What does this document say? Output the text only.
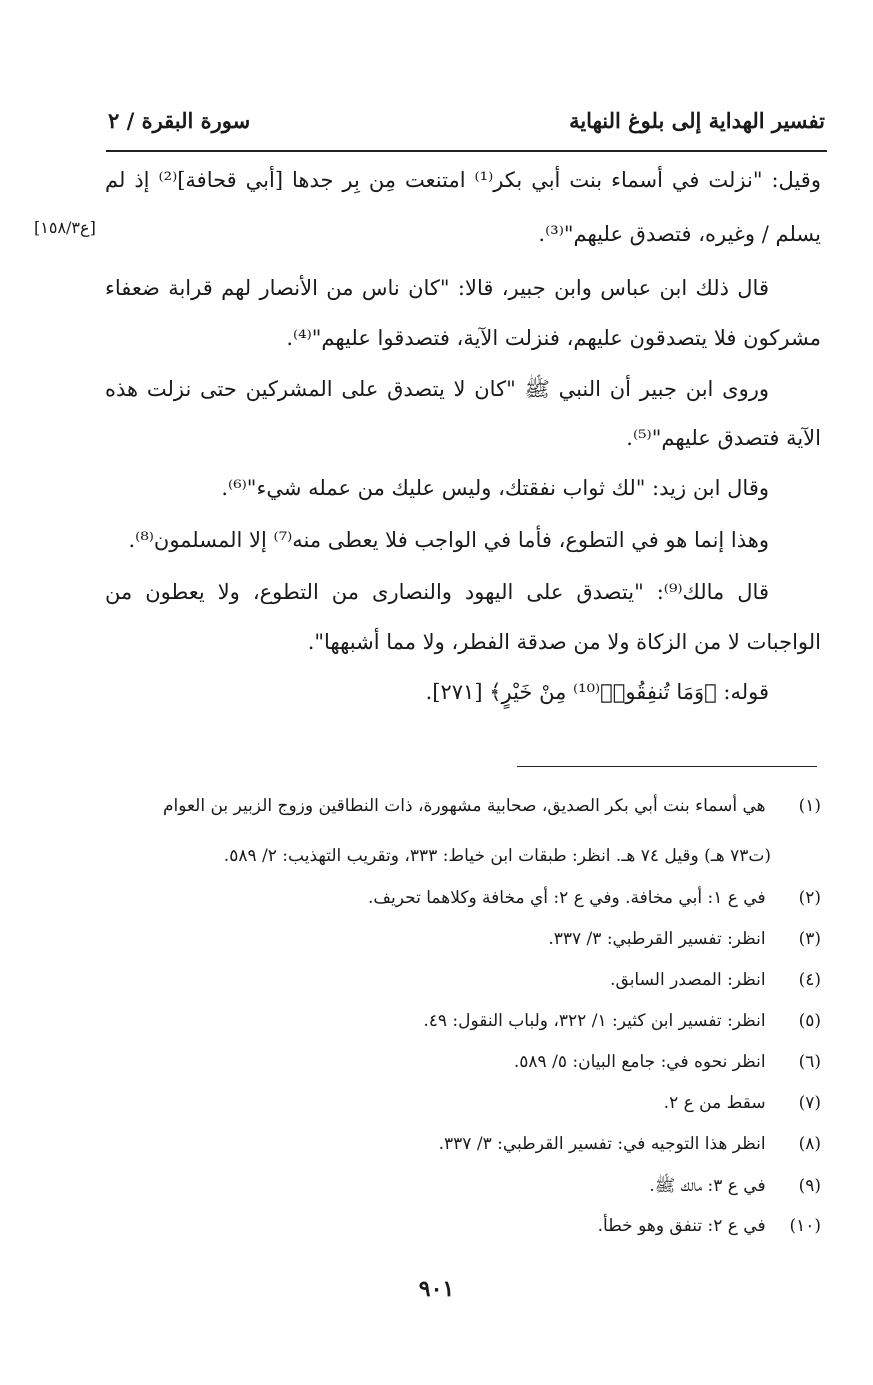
تفسير الهداية إلى بلوغ النهاية
سورة البقرة / ٢
[ع١٥٨/٣]
وقيل: "نزلت في أسماء بنت أبي بكر⁽¹⁾ امتنعت مِن بِر جدها [أبي قحافة]⁽²⁾ إذ لم
يسلم / وغيره، فتصدق عليهم"⁽³⁾.
قال ذلك ابن عباس وابن جبير، قالا: "كان ناس من الأنصار لهم قرابة ضعفاء
مشركون فلا يتصدقون عليهم، فنزلت الآية، فتصدقوا عليهم"⁽⁴⁾.
وروى ابن جبير أن النبي ﷺ "كان لا يتصدق على المشركين حتى نزلت هذه
الآية فتصدق عليهم"⁽⁵⁾.
وقال ابن زيد: "لك ثواب نفقتك، وليس عليك من عمله شيء"⁽⁶⁾.
وهذا إنما هو في التطوع، فأما في الواجب فلا يعطى منه⁽⁷⁾ إلا المسلمون⁽⁸⁾.
قال مالك⁽⁹⁾: "يتصدق على اليهود والنصارى من التطوع، ولا يعطون من
الواجبات لا من الزكاة ولا من صدقة الفطر، ولا مما أشبهها".
قوله: ﴿وَمَا تُنفِقُوا۟⁽¹⁰⁾ مِنْ خَيْرٍ﴾ [٢٧١].
(١) هي أسماء بنت أبي بكر الصديق، صحابية مشهورة، ذات النطاقين وزوج الزبير بن العوام
(ت٧٣ هـ) وقيل ٧٤ هـ. انظر: طبقات ابن خياط: ٣٣٣، وتقريب التهذيب: ٢/ ٥٨٩.
(٢) في ع ١: أبي مخافة. وفي ع ٢: أي مخافة وكلاهما تحريف.
(٣) انظر: تفسير القرطبي: ٣/ ٣٣٧.
(٤) انظر: المصدر السابق.
(٥) انظر: تفسير ابن كثير: ١/ ٣٢٢، ولباب النقول: ٤٩.
(٦) انظر نحوه في: جامع البيان: ٥/ ٥٨٩.
(٧) سقط من ع ٢.
(٨) انظر هذا التوجيه في: تفسير القرطبي: ٣/ ٣٣٧.
(٩) في ع ٣: مالك ﷺ.
(١٠) في ع ٢: تنفق وهو خطأ.
٩٠١
